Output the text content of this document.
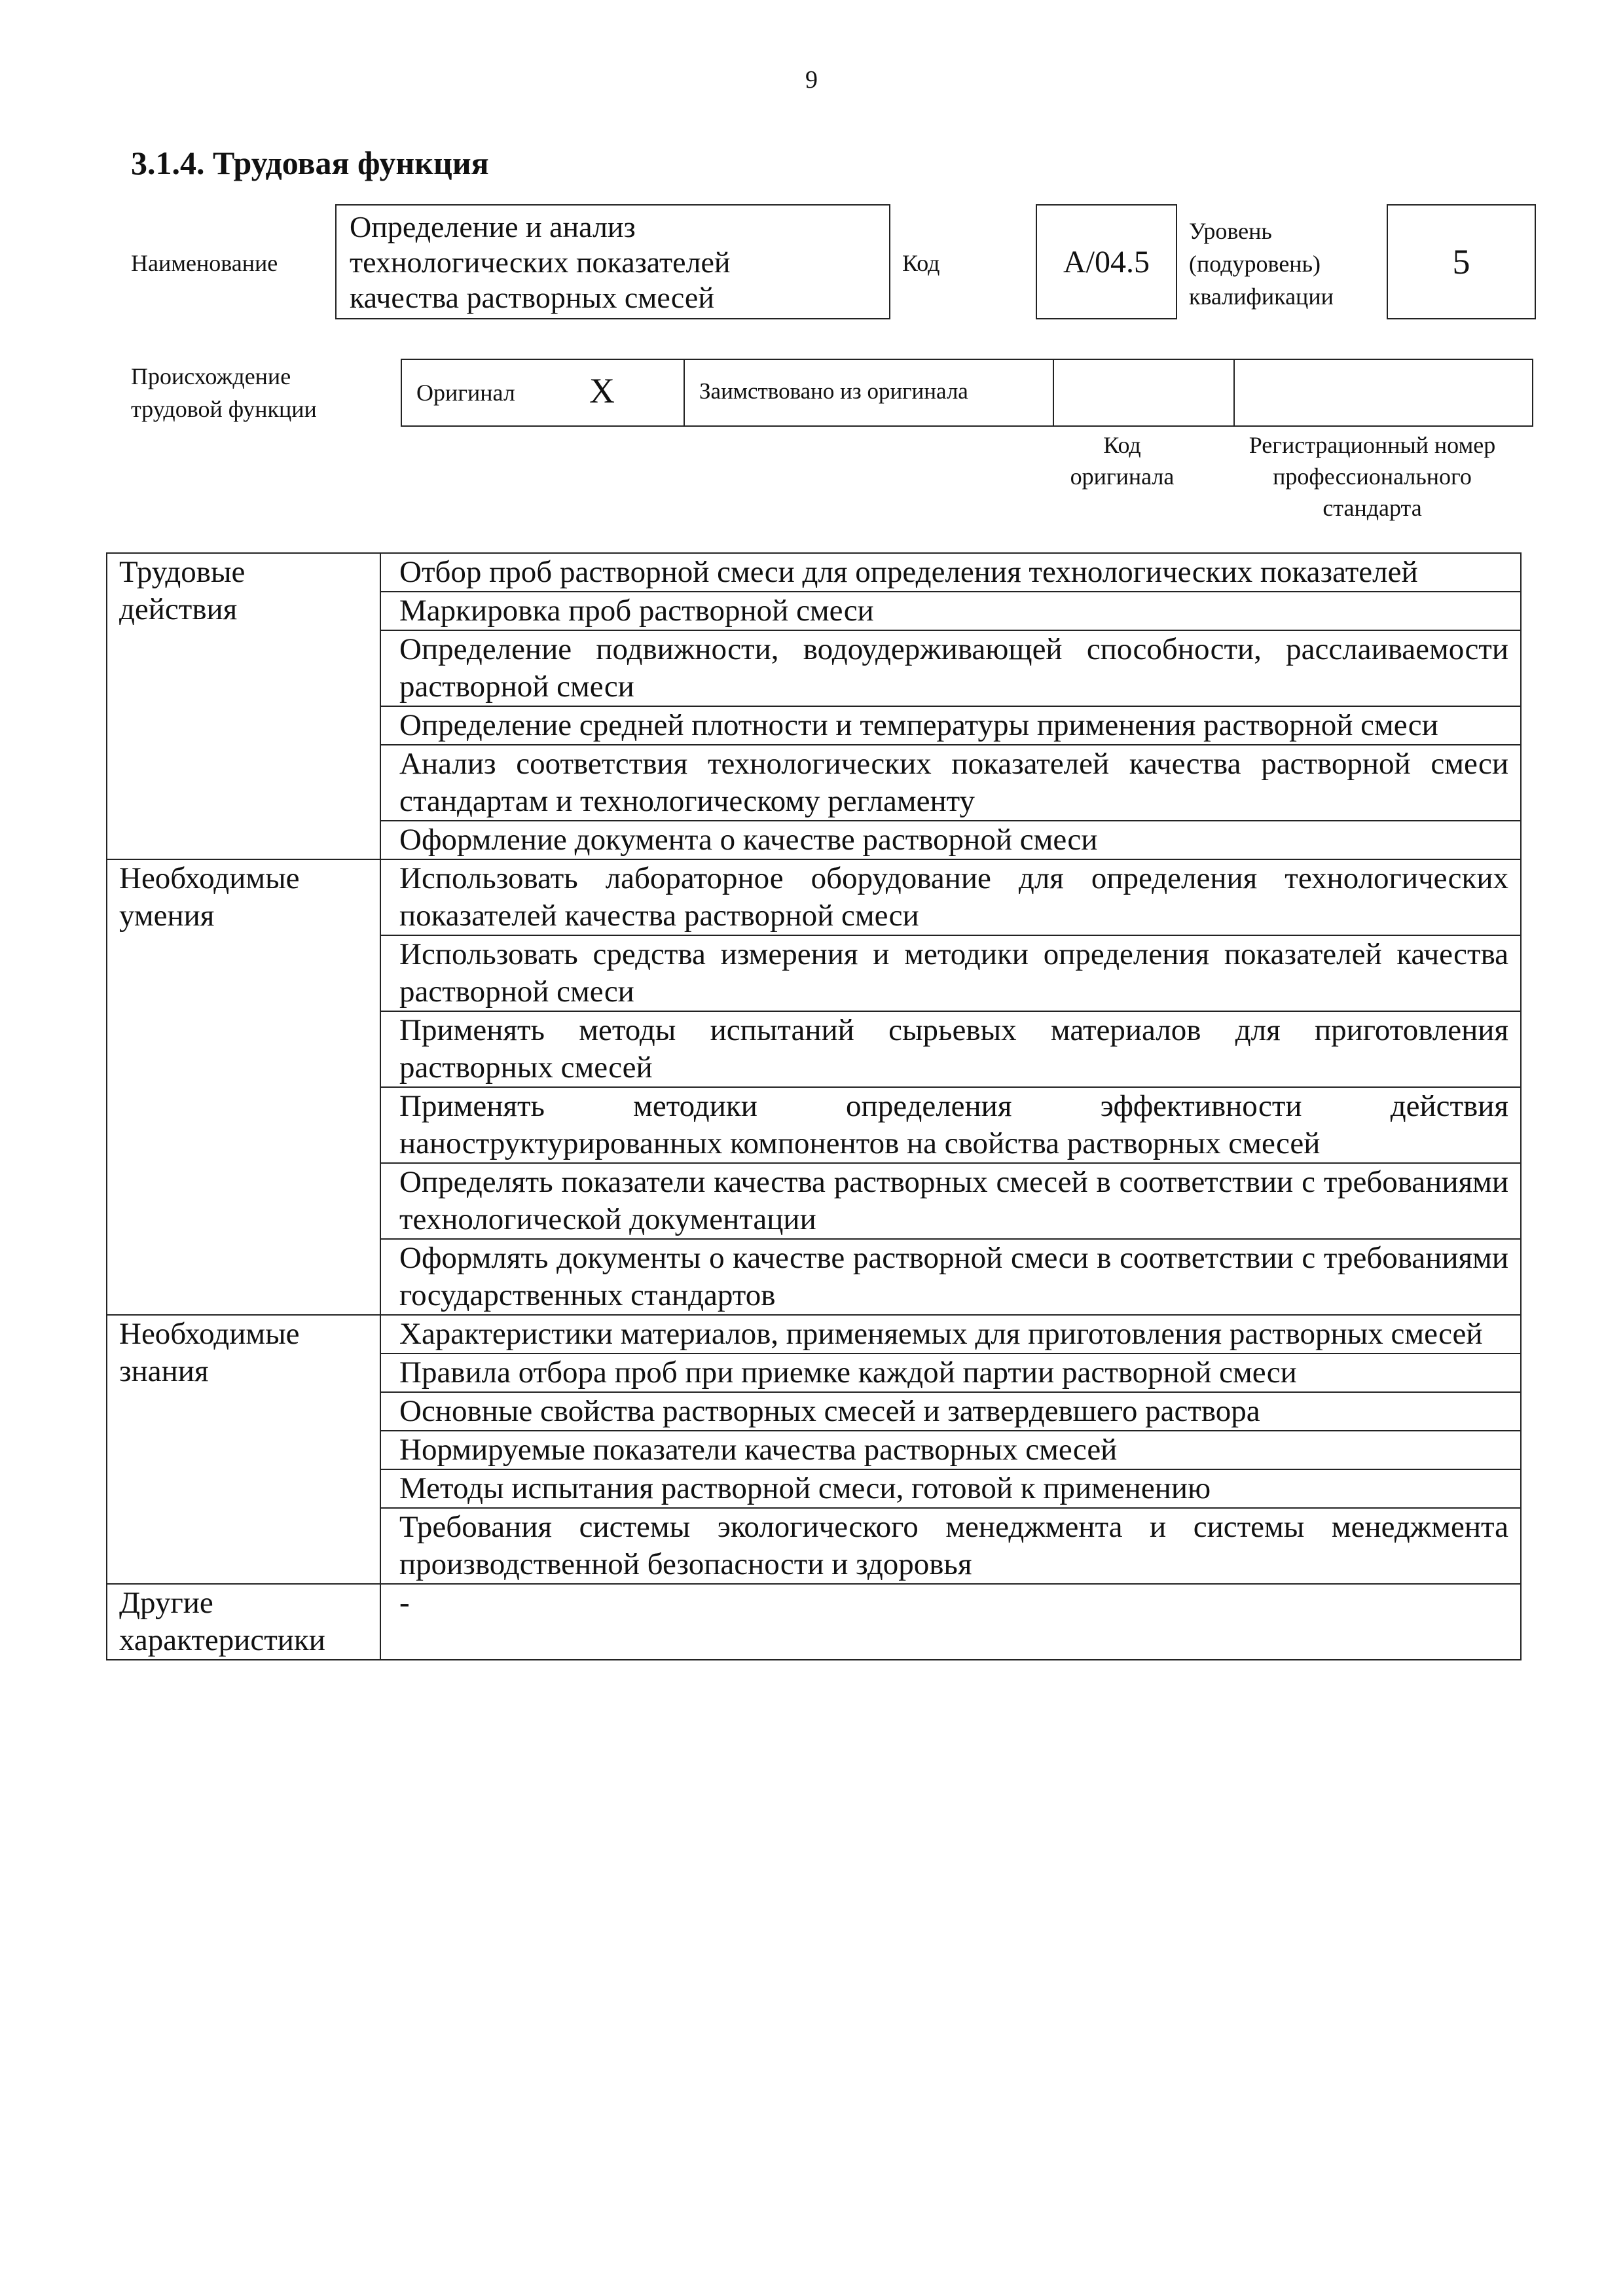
9
3.1.4. Трудовая функция
Наименование
Определение и анализ
технологических показателей
качества растворных смесей
Код	А/04.5
Уровень
(подуровень)
квалификации
5
Происхождение
трудовой функции
Оригинал X	Заимствовано из оригинала
Код
оригинала
Регистрационный номер
профессионального
стандарта
Трудовые
действия	Отбор проб растворной смеси для определения технологических показателей
	Маркировка проб растворной смеси
	Определение подвижности, водоудерживающей способности, расслаиваемости растворной смеси
	Определение средней плотности и температуры применения растворной смеси
	Анализ соответствия технологических показателей качества растворной смеси стандартам и технологическому регламенту
	Оформление документа о качестве растворной смеси

Необходимые
умения	Использовать лабораторное оборудование для определения технологических показателей качества растворной смеси
	Использовать средства измерения и методики определения показателей качества растворной смеси
	Применять методы испытаний сырьевых материалов для приготовления растворных смесей
	Применять методики определения эффективности действия наноструктурированных компонентов на свойства растворных смесей
	Определять показатели качества растворных смесей в соответствии с требованиями технологической документации
	Оформлять документы о качестве растворной смеси в соответствии с требованиями государственных стандартов

Необходимые
знания	Характеристики материалов, применяемых для приготовления растворных смесей
	Правила отбора проб при приемке каждой партии растворной смеси
	Основные свойства растворных смесей и затвердевшего раствора
	Нормируемые показатели качества растворных смесей
	Методы испытания растворной смеси, готовой к применению
	Требования системы экологического менеджмента и системы менеджмента производственной безопасности и здоровья

Другие
характеристики	-
